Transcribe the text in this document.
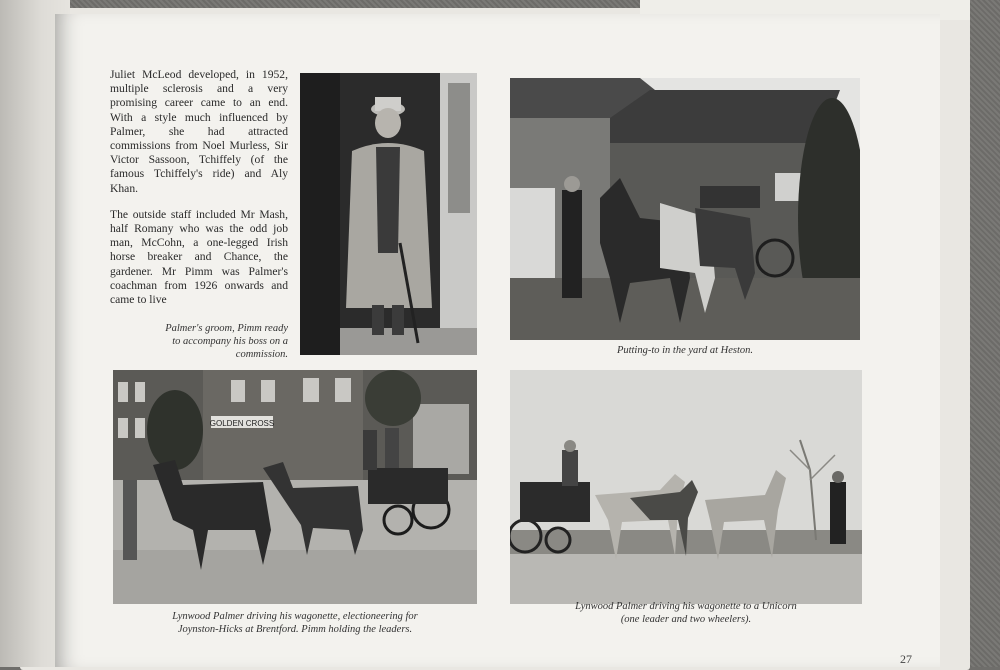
Juliet McLeod developed, in 1952, multiple sclerosis and a very promising career came to an end. With a style much influenced by Palmer, she had attracted commissions from Noel Murless, Sir Victor Sassoon, Tchiffely (of the famous Tchiffely's ride) and Aly Khan.

The outside staff included Mr Mash, half Romany who was the odd job man, McCohn, a one-legged Irish horse breaker and Chance, the gardener. Mr Pimm was Palmer's coachman from 1926 onwards and came to live

Palmer's groom, Pimm ready
to accompany his boss on a
commission.	Putting-to in the yard at Heston.
GOLDEN CROSS
Lynwood Palmer driving his wagonette, electioneering for
Joynston-Hicks at Brentford. Pimm holding the leaders.
Lynwood Palmer driving his wagonette to a Unicorn
(one leader and two wheelers).
27
